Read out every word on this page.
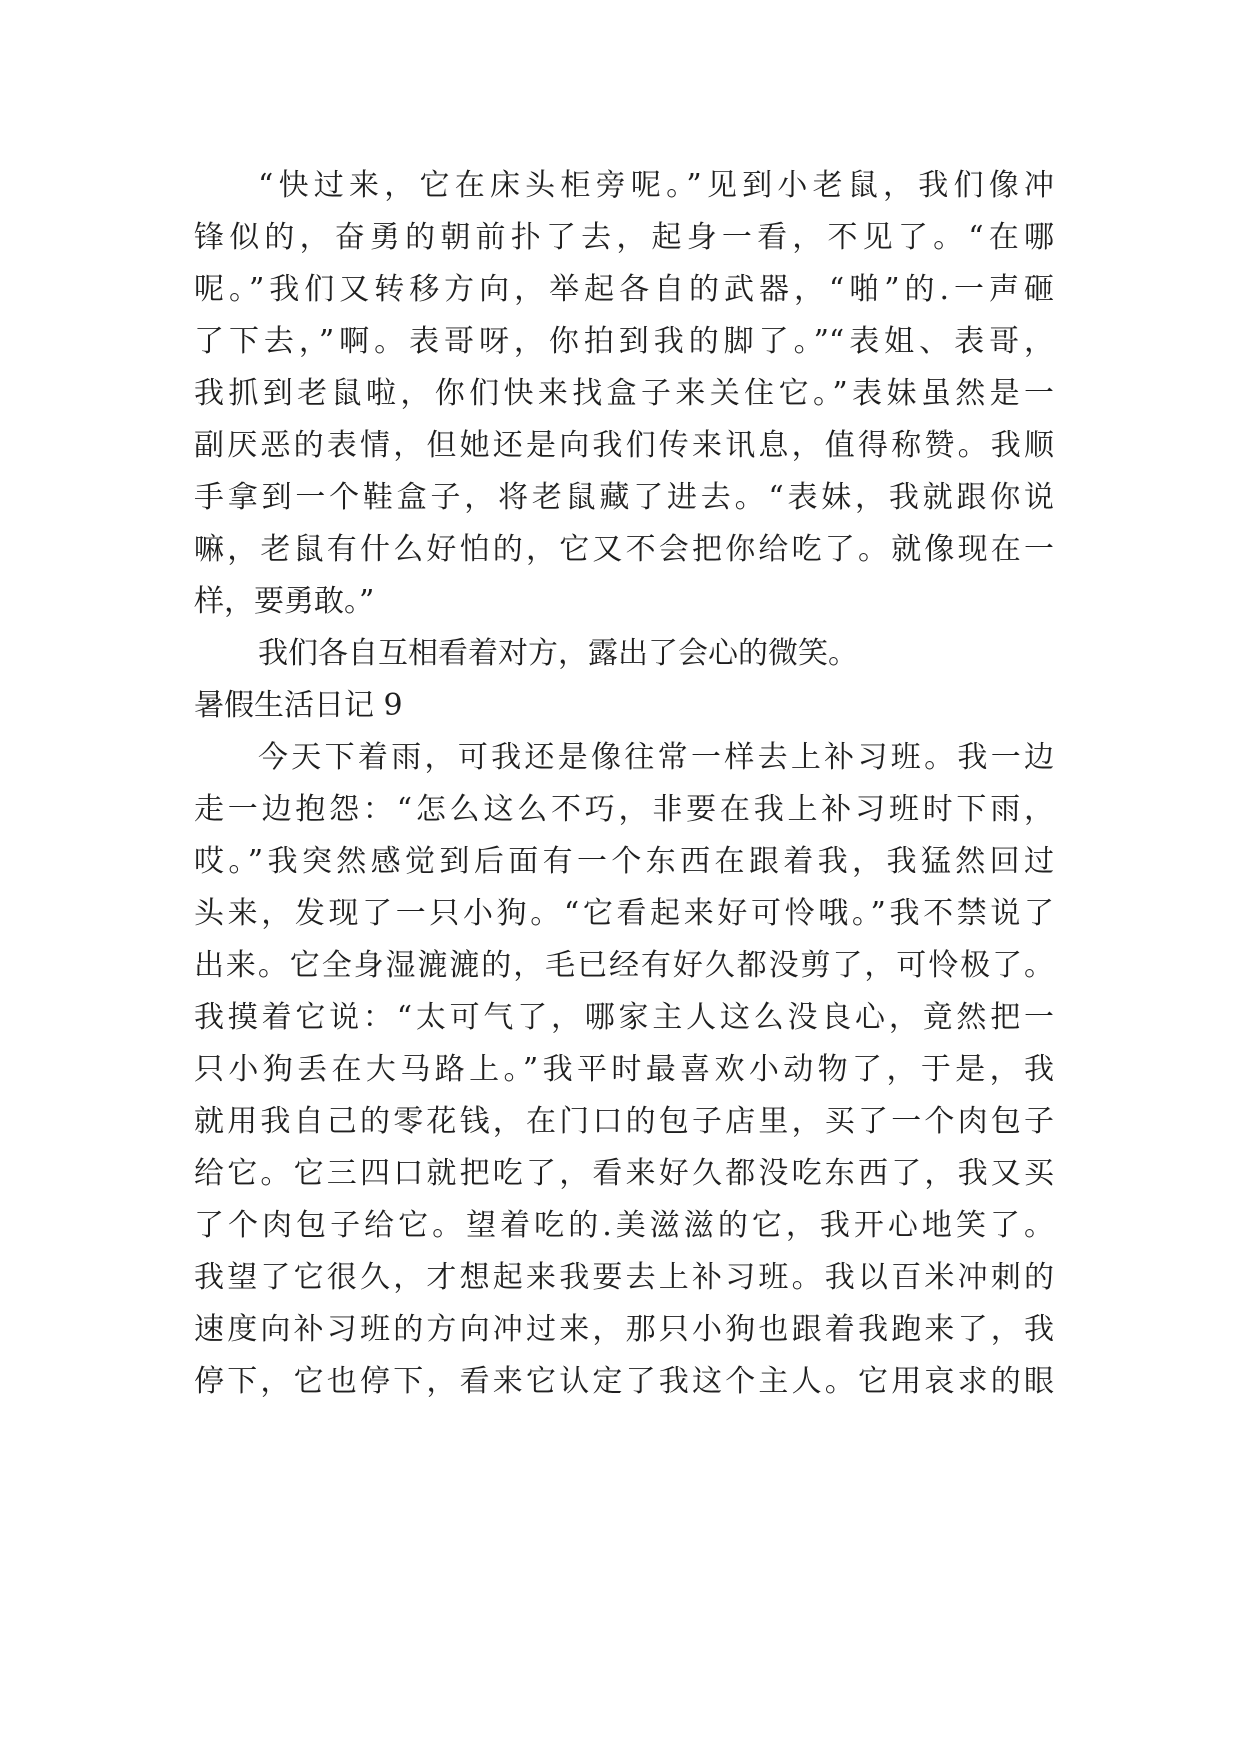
“快过来，它在床头柜旁呢。”见到小老鼠，我们像冲
锋似的，奋勇的朝前扑了去，起身一看，不见了。“在哪
呢。”我们又转移方向，举起各自的武器，“啪”的.一声砸
了下去，”啊。表哥呀，你拍到我的脚了。”“表姐、表哥，
我抓到老鼠啦，你们快来找盒子来关住它。”表妹虽然是一
副厌恶的表情，但她还是向我们传来讯息，值得称赞。我顺
手拿到一个鞋盒子，将老鼠藏了进去。“表妹，我就跟你说
嘛，老鼠有什么好怕的，它又不会把你给吃了。就像现在一
样，要勇敢。”
我们各自互相看着对方，露出了会心的微笑。
暑假生活日记 9
今天下着雨，可我还是像往常一样去上补习班。我一边
走一边抱怨：“怎么这么不巧，非要在我上补习班时下雨，
哎。”我突然感觉到后面有一个东西在跟着我，我猛然回过
头来，发现了一只小狗。“它看起来好可怜哦。”我不禁说了
出来。它全身湿漉漉的，毛已经有好久都没剪了，可怜极了。
我摸着它说：“太可气了，哪家主人这么没良心，竟然把一
只小狗丢在大马路上。”我平时最喜欢小动物了，于是，我
就用我自己的零花钱，在门口的包子店里，买了一个肉包子
给它。它三四口就把吃了，看来好久都没吃东西了，我又买
了个肉包子给它。望着吃的.美滋滋的它，我开心地笑了。
我望了它很久，才想起来我要去上补习班。我以百米冲刺的
速度向补习班的方向冲过来，那只小狗也跟着我跑来了，我
停下，它也停下，看来它认定了我这个主人。它用哀求的眼
